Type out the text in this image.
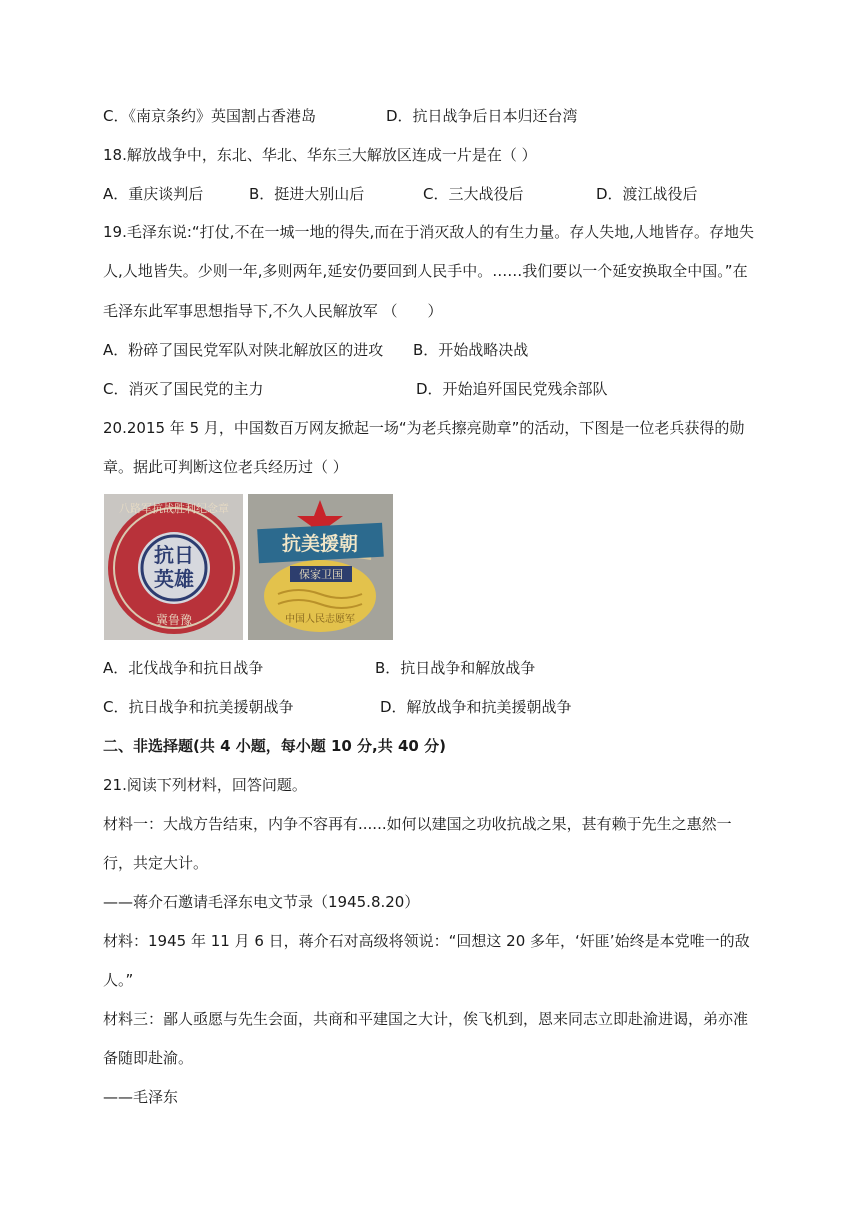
C．《南京条约》英国割占香港岛	D．抗日战争后日本归还台湾
18.解放战争中，东北、华北、华东三大解放区连成一片是在（ ）
A．重庆谈判后	B．挺进大别山后	C．三大战役后	D．渡江战役后
19.毛泽东说:“打仗,不在一城一地的得失,而在于消灭敌人的有生力量。存人失地,人地皆存。存地失
人,人地皆失。少则一年,多则两年,延安仍要回到人民手中。……我们要以一个延安换取全中国。”在
毛泽东此军事思想指导下,不久人民解放军 （　　）
A．粉碎了国民党军队对陕北解放区的进攻 B．开始战略决战
C．消灭了国民党的主力	D．开始追歼国民党残余部队
20.2015 年 5 月，中国数百万网友掀起一场“为老兵擦亮勋章”的活动，下图是一位老兵获得的勋
章。据此可判断这位老兵经历过（ ）
八路军抗战胜利纪念章
抗日
英雄
冀鲁豫
抗美援朝
保家卫国
中国人民志愿军
A．北伐战争和抗日战争	B．抗日战争和解放战争
C．抗日战争和抗美援朝战争	D．解放战争和抗美援朝战争
二、非选择题(共 4 小题，每小题 10 分,共 40 分)
21.阅读下列材料，回答问题。
材料一：大战方告结束，内争不容再有......如何以建国之功收抗战之果，甚有赖于先生之惠然一
行，共定大计。
——蒋介石邀请毛泽东电文节录（1945.8.20）
材料：1945 年 11 月 6 日，蒋介石对高级将领说：“回想这 20 多年，‘奸匪’始终是本党唯一的敌
人。”
材料三：鄙人亟愿与先生会面，共商和平建国之大计，俟飞机到，恩来同志立即赴渝进谒，弟亦准
备随即赴渝。
——毛泽东
